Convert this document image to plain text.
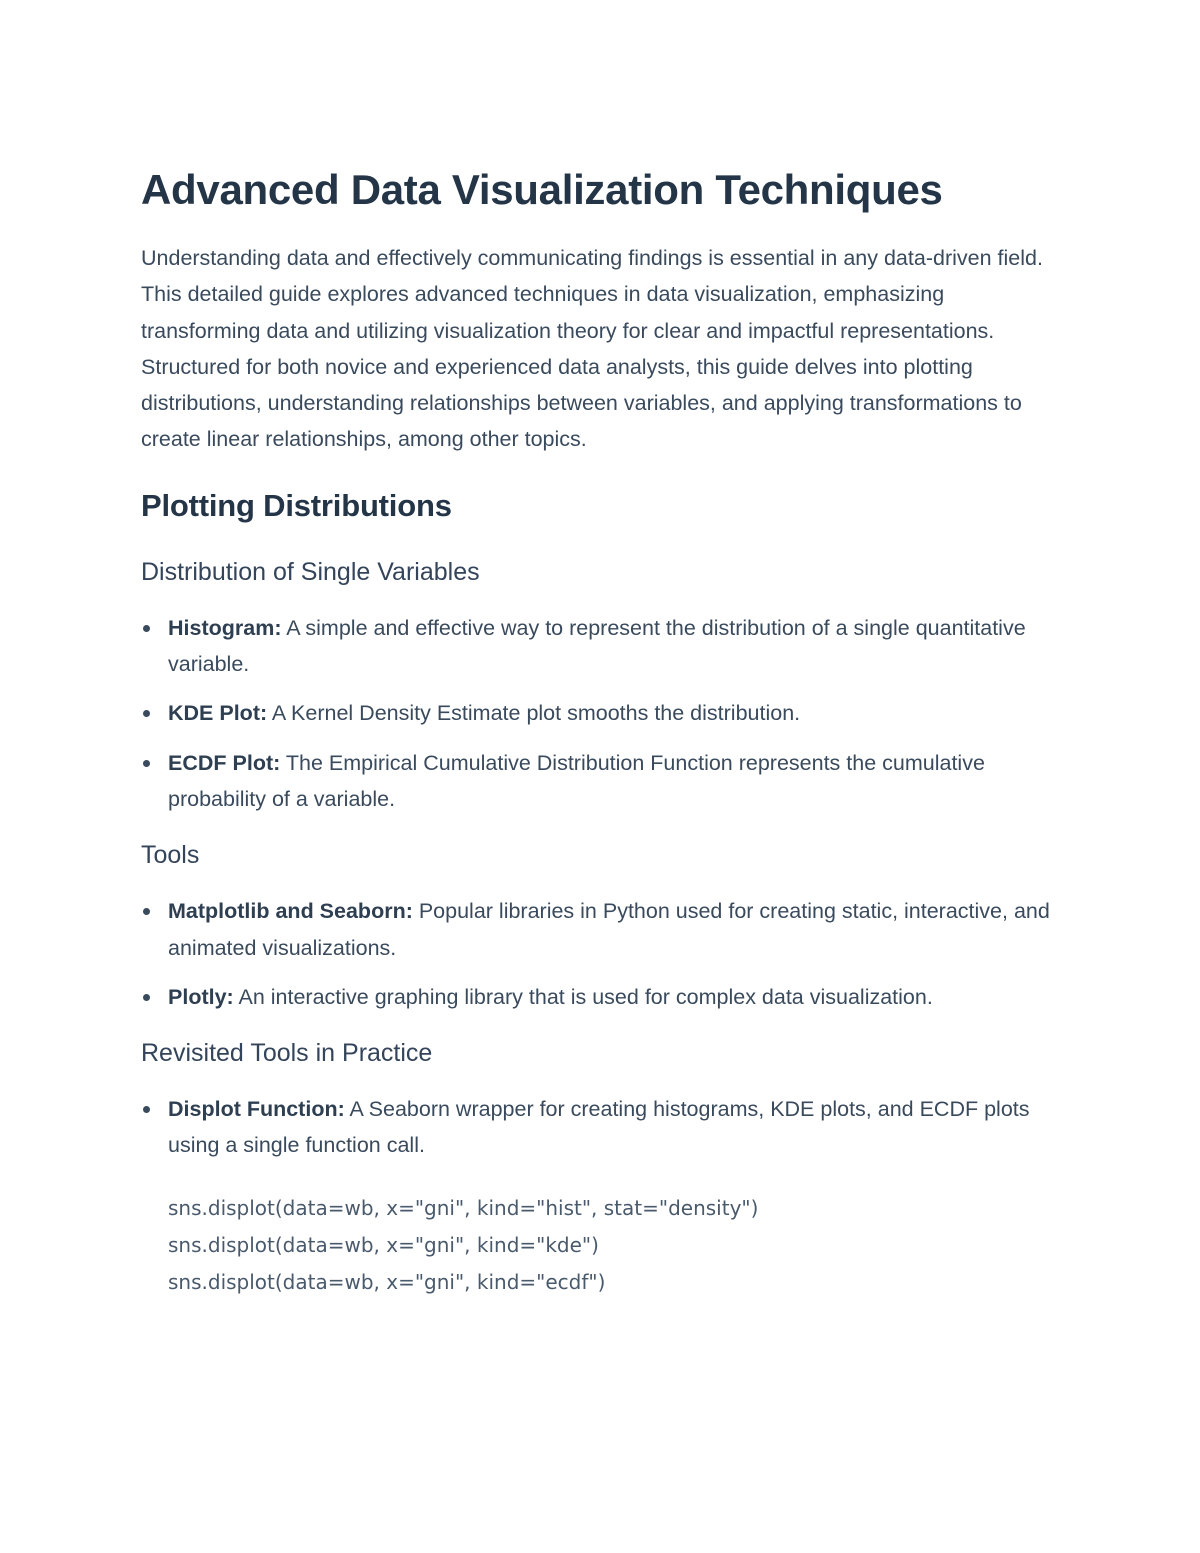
Advanced Data Visualization Techniques

Understanding data and effectively communicating findings is essential in any data-driven field. This detailed guide explores advanced techniques in data visualization, emphasizing transforming data and utilizing visualization theory for clear and impactful representations. Structured for both novice and experienced data analysts, this guide delves into plotting distributions, understanding relationships between variables, and applying transformations to create linear relationships, among other topics.

Plotting Distributions
Distribution of Single Variables
Histogram: A simple and effective way to represent the distribution of a single quantitative variable.
KDE Plot: A Kernel Density Estimate plot smooths the distribution.
ECDF Plot: The Empirical Cumulative Distribution Function represents the cumulative probability of a variable.
Tools
Matplotlib and Seaborn: Popular libraries in Python used for creating static, interactive, and animated visualizations.
Plotly: An interactive graphing library that is used for complex data visualization.
Revisited Tools in Practice
Displot Function: A Seaborn wrapper for creating histograms, KDE plots, and ECDF plots using a single function call.
sns.displot(data=wb, x="gni", kind="hist", stat="density")
sns.displot(data=wb, x="gni", kind="kde")
sns.displot(data=wb, x="gni", kind="ecdf")
